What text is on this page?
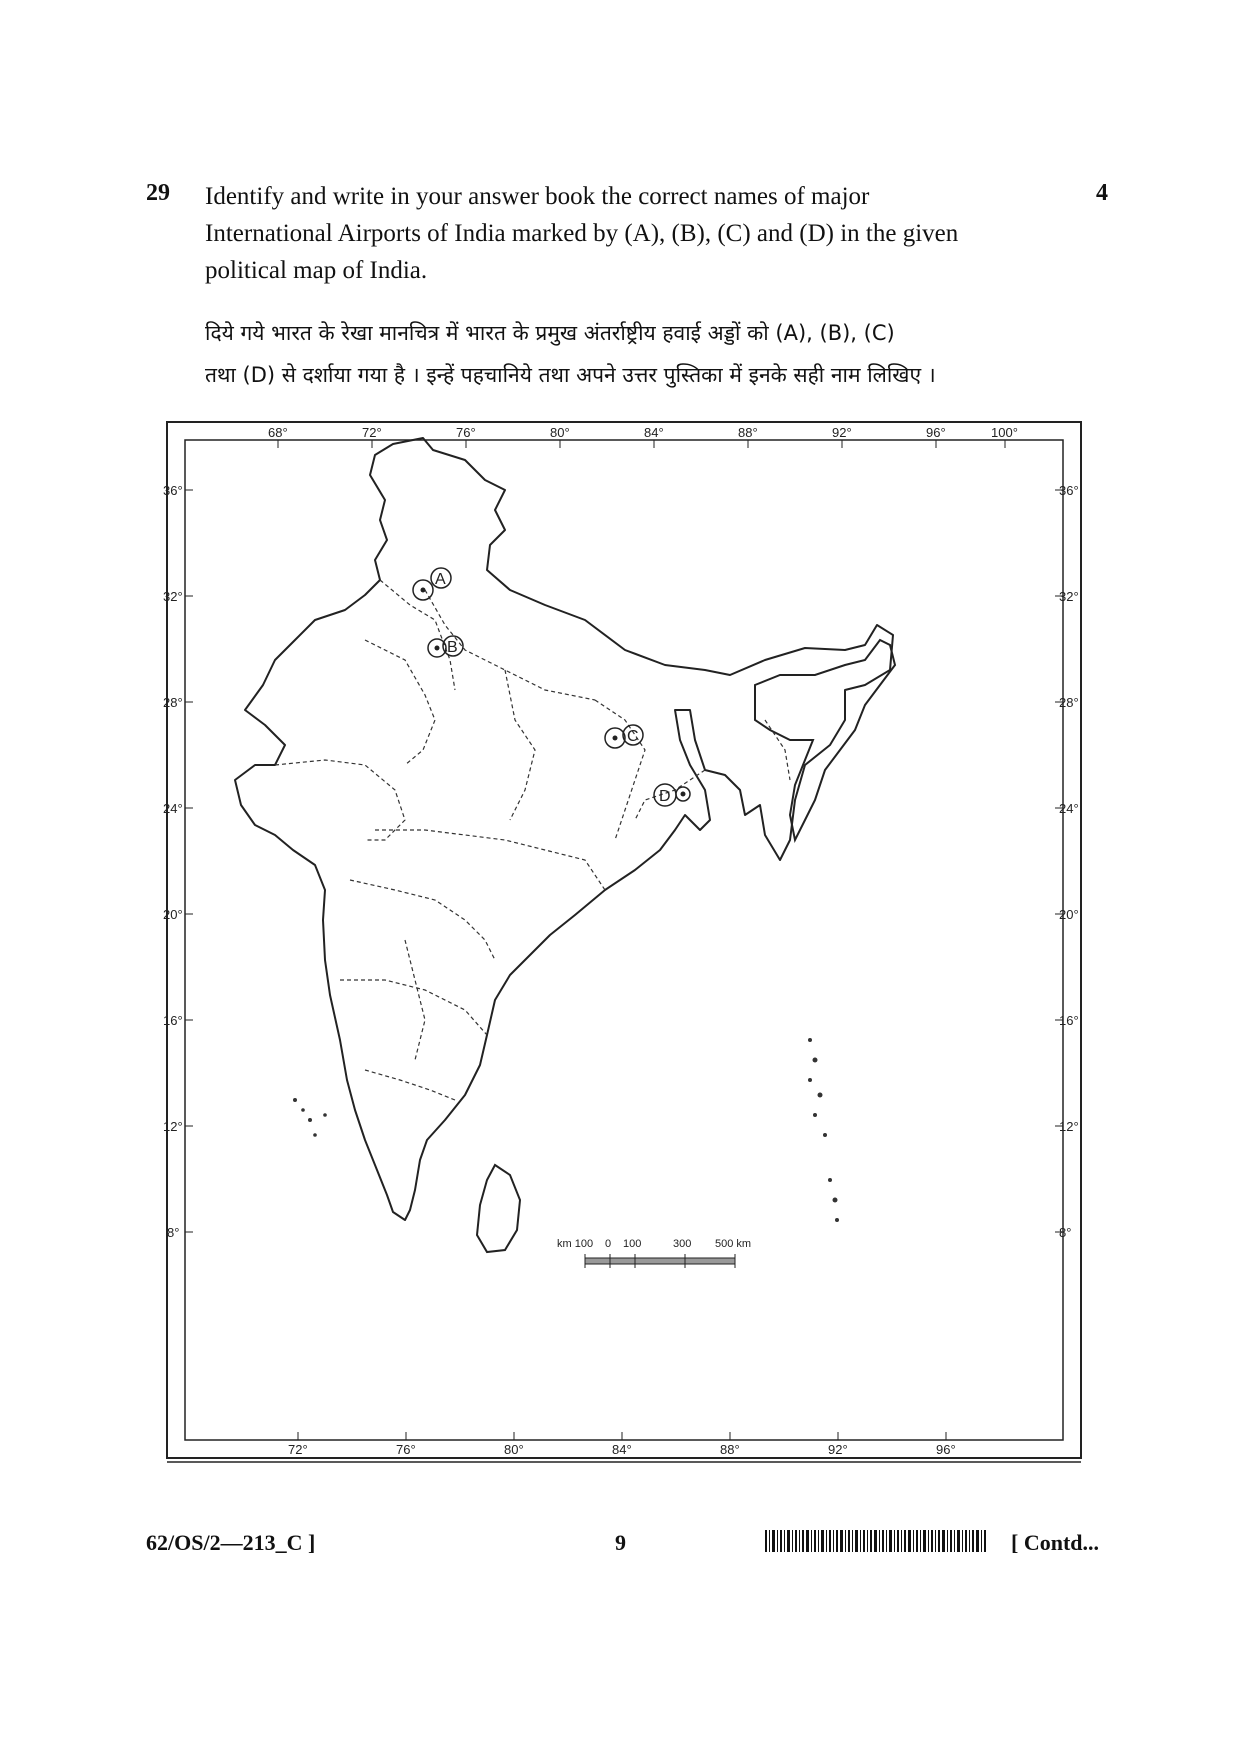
29	4
Identify and write in your answer book the correct names of major
International Airports of India marked by (A), (B), (C) and (D) in the given
political map of India.
दिये गये भारत के रेखा मानचित्र में भारत के प्रमुख अंतर्राष्ट्रीय हवाई अड्डों को (A), (B), (C)
तथा (D) से दर्शाया गया है । इन्हें पहचानिये तथा अपने उत्तर पुस्तिका में इनके सही नाम लिखिए ।
68°	72°	76°	80°	84°	88°	92°	96°	100°
72°	76°	80°	84°	88°	92°	96°
36°
32°
28°
24°
20°
16°
12°
8°
36°
32°
28°
24°
20°
16°
12°
8°
A
B
C
D
km 100 0 100	300 500 km
62/OS/2—213_C ]	9	[ Contd...
